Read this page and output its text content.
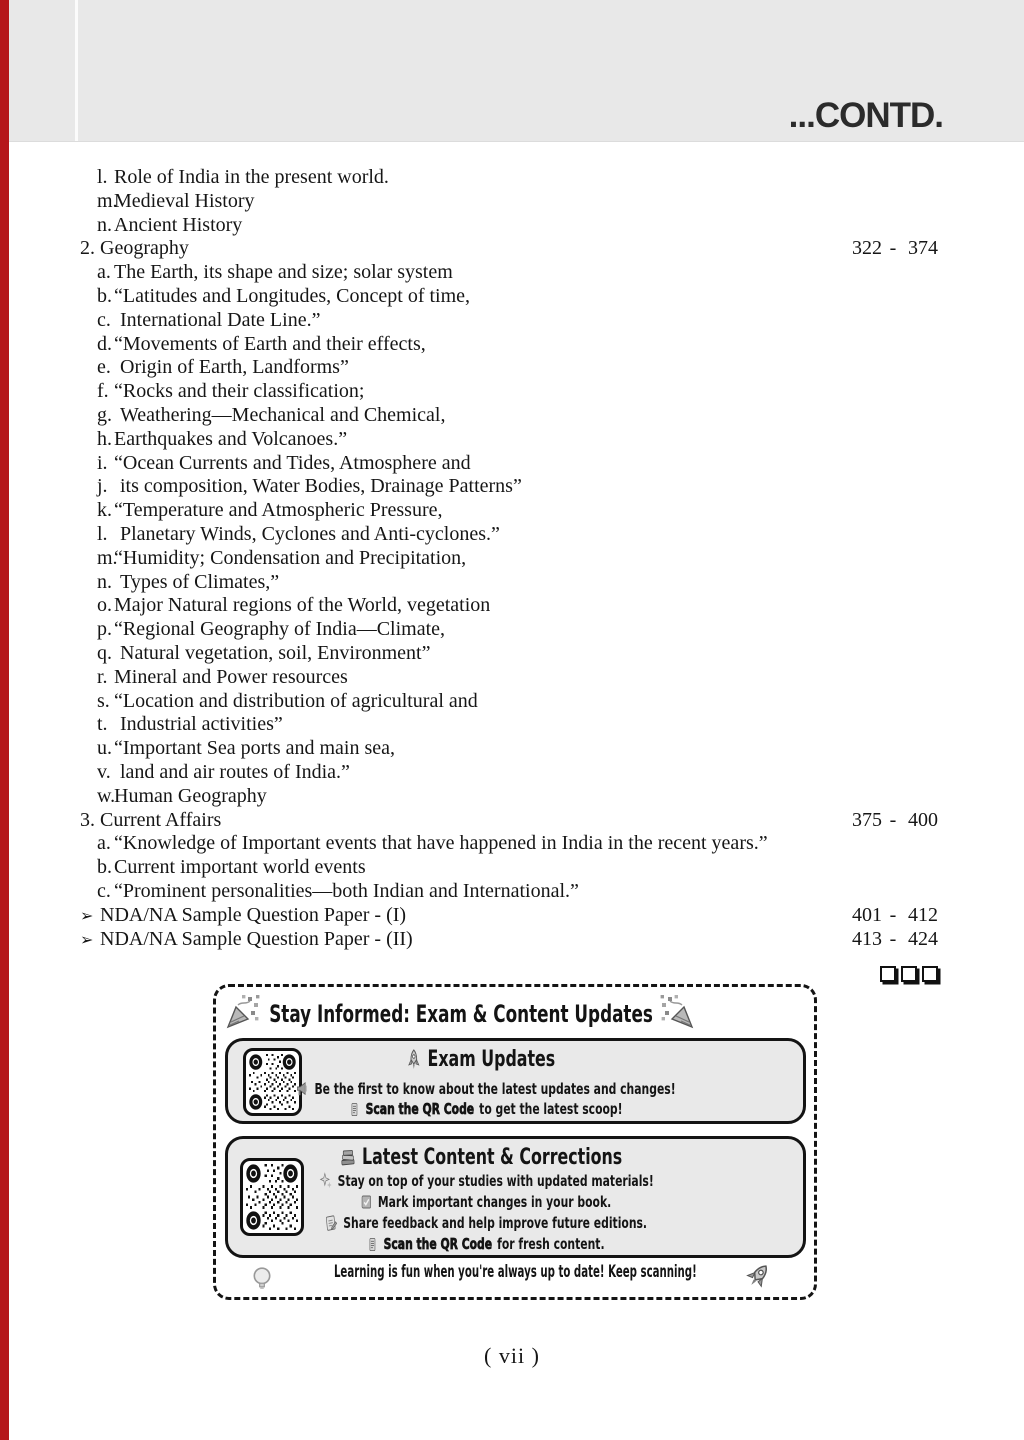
...CONTD.
l. Role of India in the present world.
m.
Medieval History
n. Ancient History
2. Geography	322 - 374
a. The Earth, its shape and size; solar system
b. “Latitudes and Longitudes, Concept of time,
c. International Date Line.”
d. “Movements of Earth and their effects,
e. Origin of Earth, Landforms”
f. “Rocks and their classification;
g. Weathering—Mechanical and Chemical,
h. Earthquakes and Volcanoes.”
i. “Ocean Currents and Tides, Atmosphere and
j. its composition, Water Bodies, Drainage Patterns”
k. “Temperature and Atmospheric Pressure,
l. Planetary Winds, Cyclones and Anti-cyclones.”
m.
“Humidity; Condensation and Precipitation,
n. Types of Climates,”
o. Major Natural regions of the World, vegetation
p. “Regional Geography of India—Climate,
q. Natural vegetation, soil, Environment”
r. Mineral and Power resources
s. “Location and distribution of agricultural and
t. Industrial activities”
u. “Important Sea ports and main sea,
v. land and air routes of India.”
w.
Human Geography
3. Current Affairs	375 - 400
a. “Knowledge of Important events that have happened in India in the recent years.”
b. Current important world events
c. “Prominent personalities—both Indian and International.”
➢ NDA/NA Sample Question Paper - (I)	401 - 412
➢ NDA/NA Sample Question Paper - (II)	413 - 424
Stay Informed: Exam & Content Updates
Exam Updates
Be the first to know about the latest updates and changes!
Scan the QR Code to get the latest scoop!
Latest Content & Corrections
Stay on top of your studies with updated materials!
Mark important changes in your book.
Share feedback and help improve future editions.
Scan the QR Code for fresh content.
Learning is fun when you're always up to date! Keep scanning!
( vii )
